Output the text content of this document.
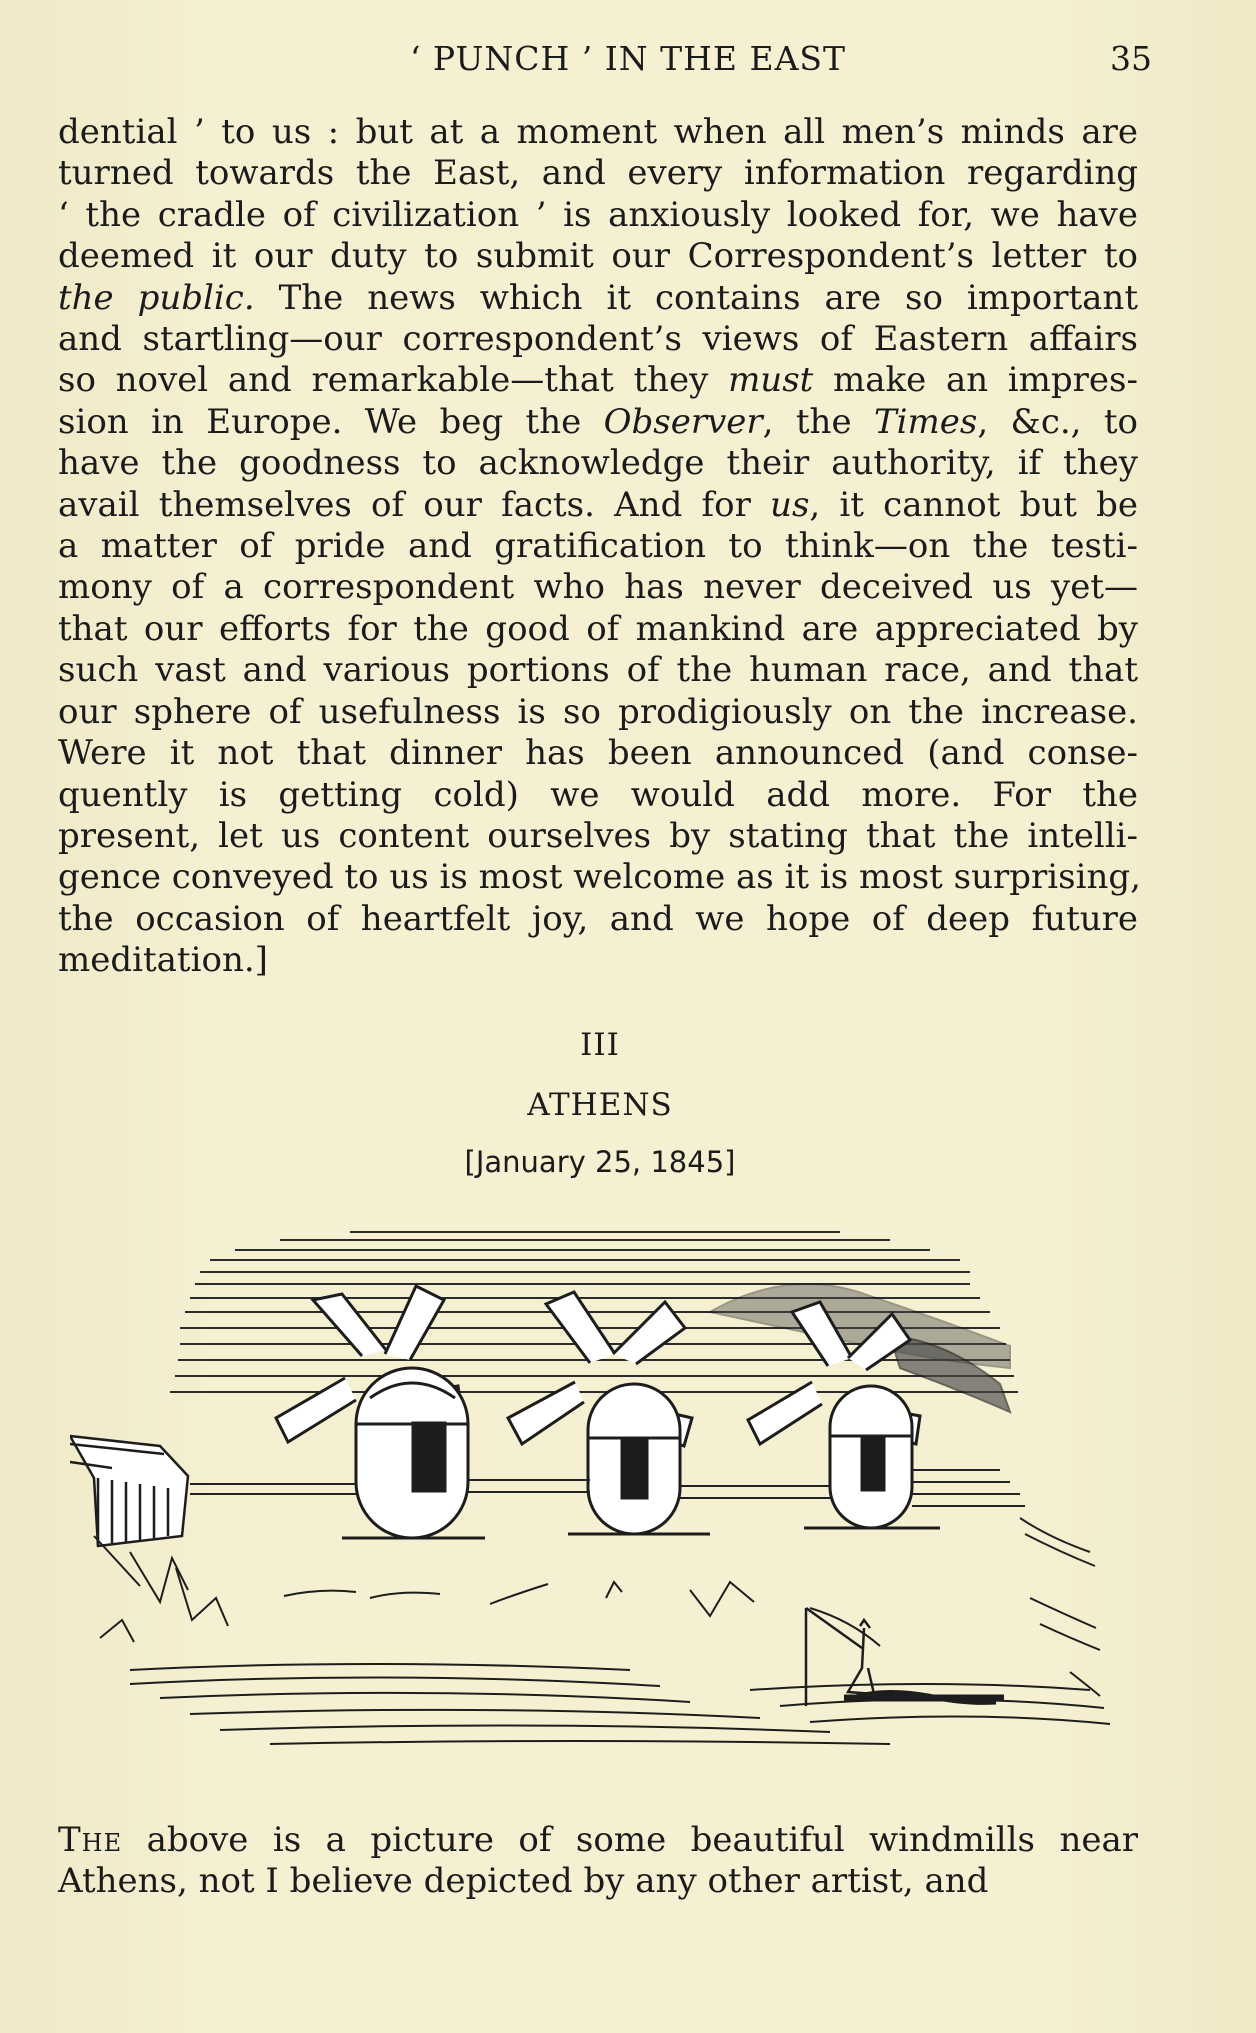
‘ PUNCH ’ IN THE EAST	35
dential ’ to us : but at a moment when all men’s minds are
turned towards the East, and every information regarding
‘ the cradle of civilization ’ is anxiously looked for, we have
deemed it our duty to submit our Correspondent’s letter to
the public. The news which it contains are so important
and startling—our correspondent’s views of Eastern affairs
so novel and remarkable—that they must make an impres-
sion in Europe. We beg the Observer, the Times, &c., to
have the goodness to acknowledge their authority, if they
avail themselves of our facts. And for us, it cannot but be
a matter of pride and gratification to think—on the testi-
mony of a correspondent who has never deceived us yet—
that our efforts for the good of mankind are appreciated by
such vast and various portions of the human race, and that
our sphere of usefulness is so prodigiously on the increase.
Were it not that dinner has been announced (and conse-
quently is getting cold) we would add more. For the
present, let us content ourselves by stating that the intelli-
gence conveyed to us is most welcome as it is most surprising,
the occasion of heartfelt joy, and we hope of deep future
meditation.]
III
ATHENS
[January 25, 1845]
The above is a picture of some beautiful windmills near
Athens, not I believe depicted by any other artist, and
